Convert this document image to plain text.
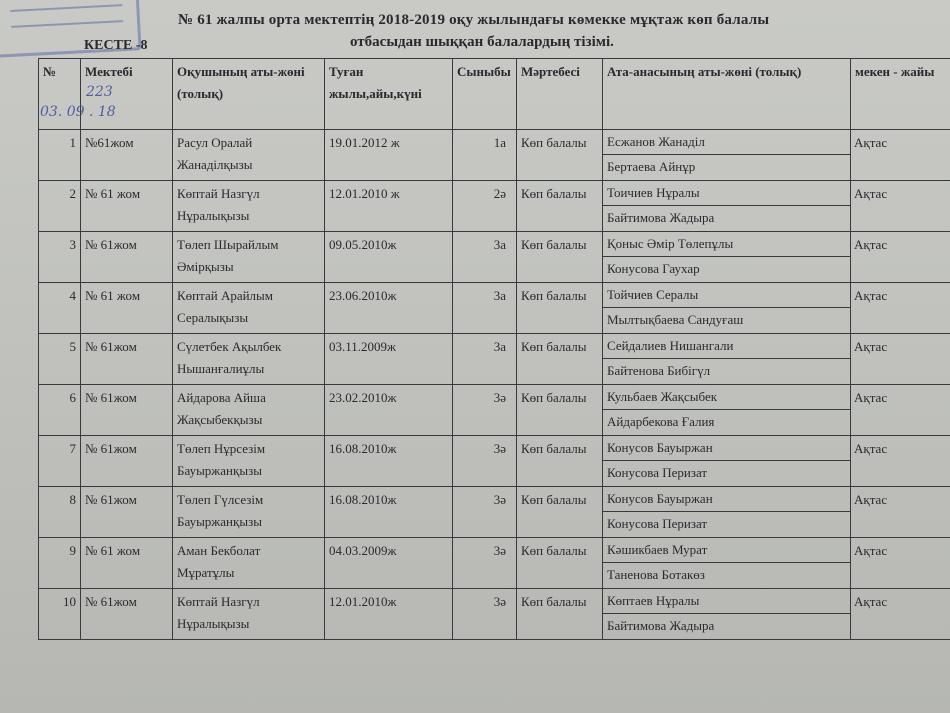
№ 61 жалпы орта мектептің 2018-2019 оқу жылындағы көмекке мұқтаж көп балалы
отбасыдан шыққан балалардың тізімі.
КЕСТЕ -8
223
03. 09 . 18
№	Мектебі	Оқушының аты-жөні (толық)	Туған жылы,айы,күні	Сыныбы	Мәртебесі	Ата-анасының аты-жөні (толық)	мекен - жайы
1	№61жом	Расул Оралай Жанаділқызы	19.01.2012 ж	1а	Көп балалы	Есжанов Жанаділ
Бертаева Айнұр	Ақтас
2	№ 61 жом	Көптай Назгүл Нұралықызы	12.01.2010 ж	2ә	Көп балалы	Тоичиев Нұралы
Байтимова Жадыра	Ақтас
3	№ 61жом	Төлеп Шырайлым Әмірқызы	09.05.2010ж	3а	Көп балалы	Қоныс Әмір Төлепұлы
Конусова Гаухар	Ақтас
4	№ 61 жом	Көптай Арайлым Сералықызы	23.06.2010ж	3а	Көп балалы	Тойчиев Сералы
Мылтықбаева Сандуғаш	Ақтас
5	№ 61жом	Сүлетбек Ақылбек Нышанғалиұлы	03.11.2009ж	3а	Көп балалы	Сейдалиев Нишангали
Байтенова Бибігүл	Ақтас
6	№ 61жом	Айдарова Айша Жақсыбекқызы	23.02.2010ж	3ә	Көп балалы	Кульбаев Жақсыбек
Айдарбекова Ғалия	Ақтас
7	№ 61жом	Төлеп Нұрсезім Бауыржанқызы	16.08.2010ж	3ә	Көп балалы	Конусов Бауыржан
Конусова Перизат	Ақтас
8	№ 61жом	Төлеп Гүлсезім Бауыржанқызы	16.08.2010ж	3ә	Көп балалы	Конусов Бауыржан
Конусова Перизат	Ақтас
9	№ 61 жом	Аман Бекболат Мұратұлы	04.03.2009ж	3ә	Көп балалы	Кәшикбаев Мурат
Таненова Ботакөз	Ақтас
10	№ 61жом	Көптай Назгүл Нұралықызы	12.01.2010ж	3ә	Көп балалы	Көптаев Нұралы
Байтимова Жадыра	Ақтас
